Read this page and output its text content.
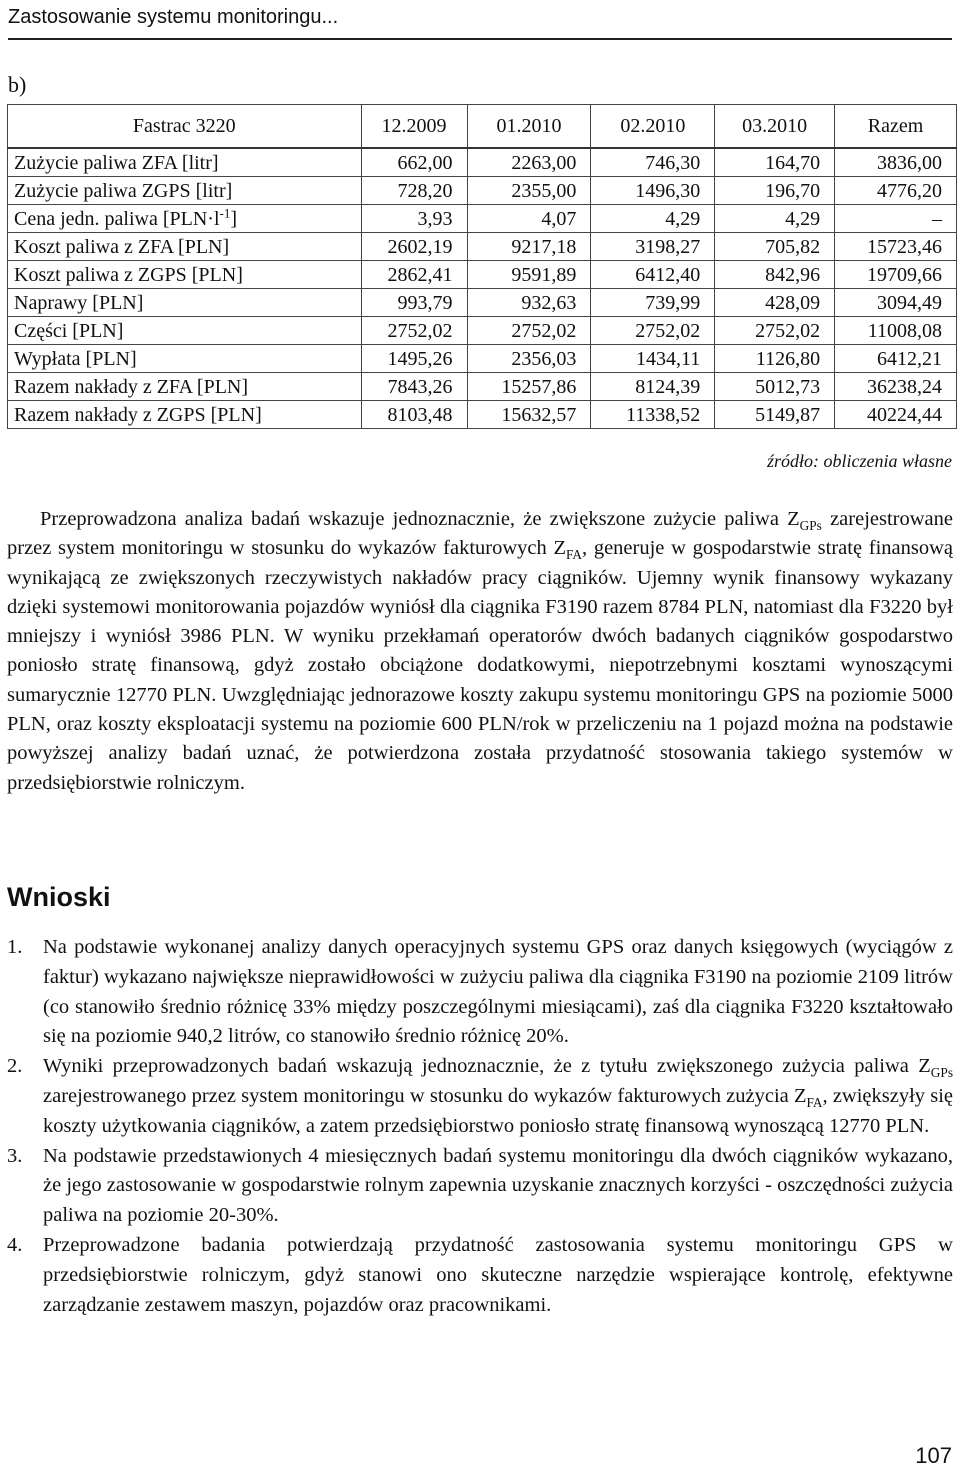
Zastosowanie systemu monitoringu...
b)
Fastrac 3220	12.2009	01.2010	02.2010	03.2010	Razem
Zużycie paliwa ZFA [litr]	662,00	2263,00	746,30	164,70	3836,00
Zużycie paliwa ZGPS [litr]	728,20	2355,00	1496,30	196,70	4776,20
Cena jedn. paliwa $[PLN\cdot l^{-1}]$	3,93	4,07	4,29	4,29	–
Koszt paliwa z ZFA [PLN]	2602,19	9217,18	3198,27	705,82	15723,46
Koszt paliwa z ZGPS [PLN]	2862,41	9591,89	6412,40	842,96	19709,66
Naprawy [PLN]	993,79	932,63	739,99	428,09	3094,49
Części [PLN]	2752,02	2752,02	2752,02	2752,02	11008,08
Wypłata [PLN]	1495,26	2356,03	1434,11	1126,80	6412,21
Razem nakłady z ZFA [PLN]	7843,26	15257,86	8124,39	5012,73	36238,24
Razem nakłady z ZGPS [PLN]	8103,48	15632,57	11338,52	5149,87	40224,44
źródło: obliczenia własne

Przeprowadzona analiza badań wskazuje jednoznacznie, że zwiększone zużycie paliwa $Z_{GPs}$ zarejestrowane przez system monitoringu w stosunku do wykazów fakturowych $Z_{FA}$, generuje w gospodarstwie stratę finansową wynikającą ze zwiększonych rzeczywistych nakładów pracy ciągników. Ujemny wynik finansowy wykazany dzięki systemowi monitorowania pojazdów wyniósł dla ciągnika F3190 razem 8784 PLN, natomiast dla F3220 był mniejszy i wyniósł 3986 PLN. W wyniku przekłamań operatorów dwóch badanych ciągników gospodarstwo poniosło stratę finansową, gdyż zostało obciążone dodatkowymi, niepotrzebnymi kosztami wynoszącymi sumarycznie 12770 PLN. Uwzględniając jednorazowe koszty zakupu systemu monitoringu GPS na poziomie 5000 PLN, oraz koszty eksploatacji systemu na poziomie 600 PLN/rok w przeliczeniu na 1 pojazd można na podstawie powyższej analizy badań uznać, że potwierdzona została przydatność stosowania takiego systemów w przedsiębiorstwie rolniczym.

Wnioski
1. Na podstawie wykonanej analizy danych operacyjnych systemu GPS oraz danych księgowych (wyciągów z faktur) wykazano największe nieprawidłowości w zużyciu paliwa dla ciągnika F3190 na poziomie 2109 litrów (co stanowiło średnio różnicę 33% między poszczególnymi miesiącami), zaś dla ciągnika F3220 kształtowało się na poziomie 940,2 litrów, co stanowiło średnio różnicę 20%.
2. Wyniki przeprowadzonych badań wskazują jednoznacznie, że z tytułu zwiększonego zużycia paliwa $Z_{GPs}$ zarejestrowanego przez system monitoringu w stosunku do wykazów fakturowych zużycia $Z_{FA}$, zwiększyły się koszty użytkowania ciągników, a zatem przedsiębiorstwo poniosło stratę finansową wynoszącą 12770 PLN.
3. Na podstawie przedstawionych 4 miesięcznych badań systemu monitoringu dla dwóch ciągników wykazano, że jego zastosowanie w gospodarstwie rolnym zapewnia uzyskanie znacznych korzyści - oszczędności zużycia paliwa na poziomie 20-30%.
4. Przeprowadzone badania potwierdzają przydatność zastosowania systemu monitoringu GPS w przedsiębiorstwie rolniczym, gdyż stanowi ono skuteczne narzędzie wspierające kontrolę, efektywne zarządzanie zestawem maszyn, pojazdów oraz pracownikami.
107
